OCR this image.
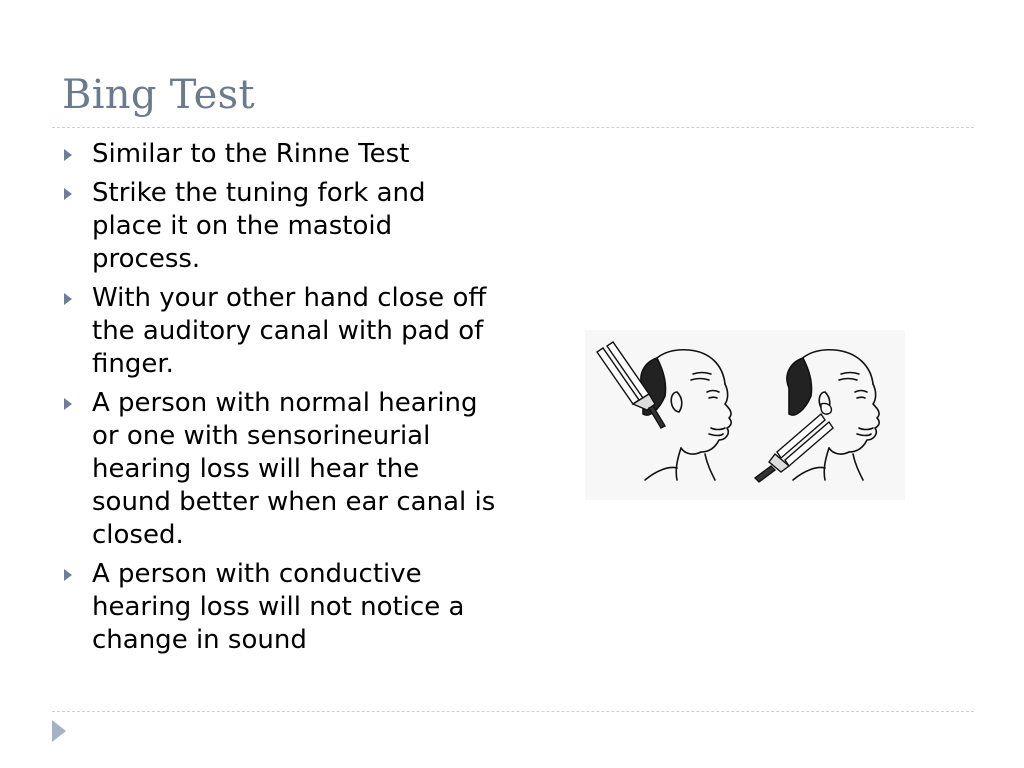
Bing Test
Similar to the Rinne Test
Strike the tuning fork and place it on the mastoid process.
With your other hand close off the auditory canal with pad of finger.
A person with normal hearing or one with sensorineurial hearing loss will hear the sound better when ear canal is closed.
A person with conductive hearing loss will not notice a change in sound
